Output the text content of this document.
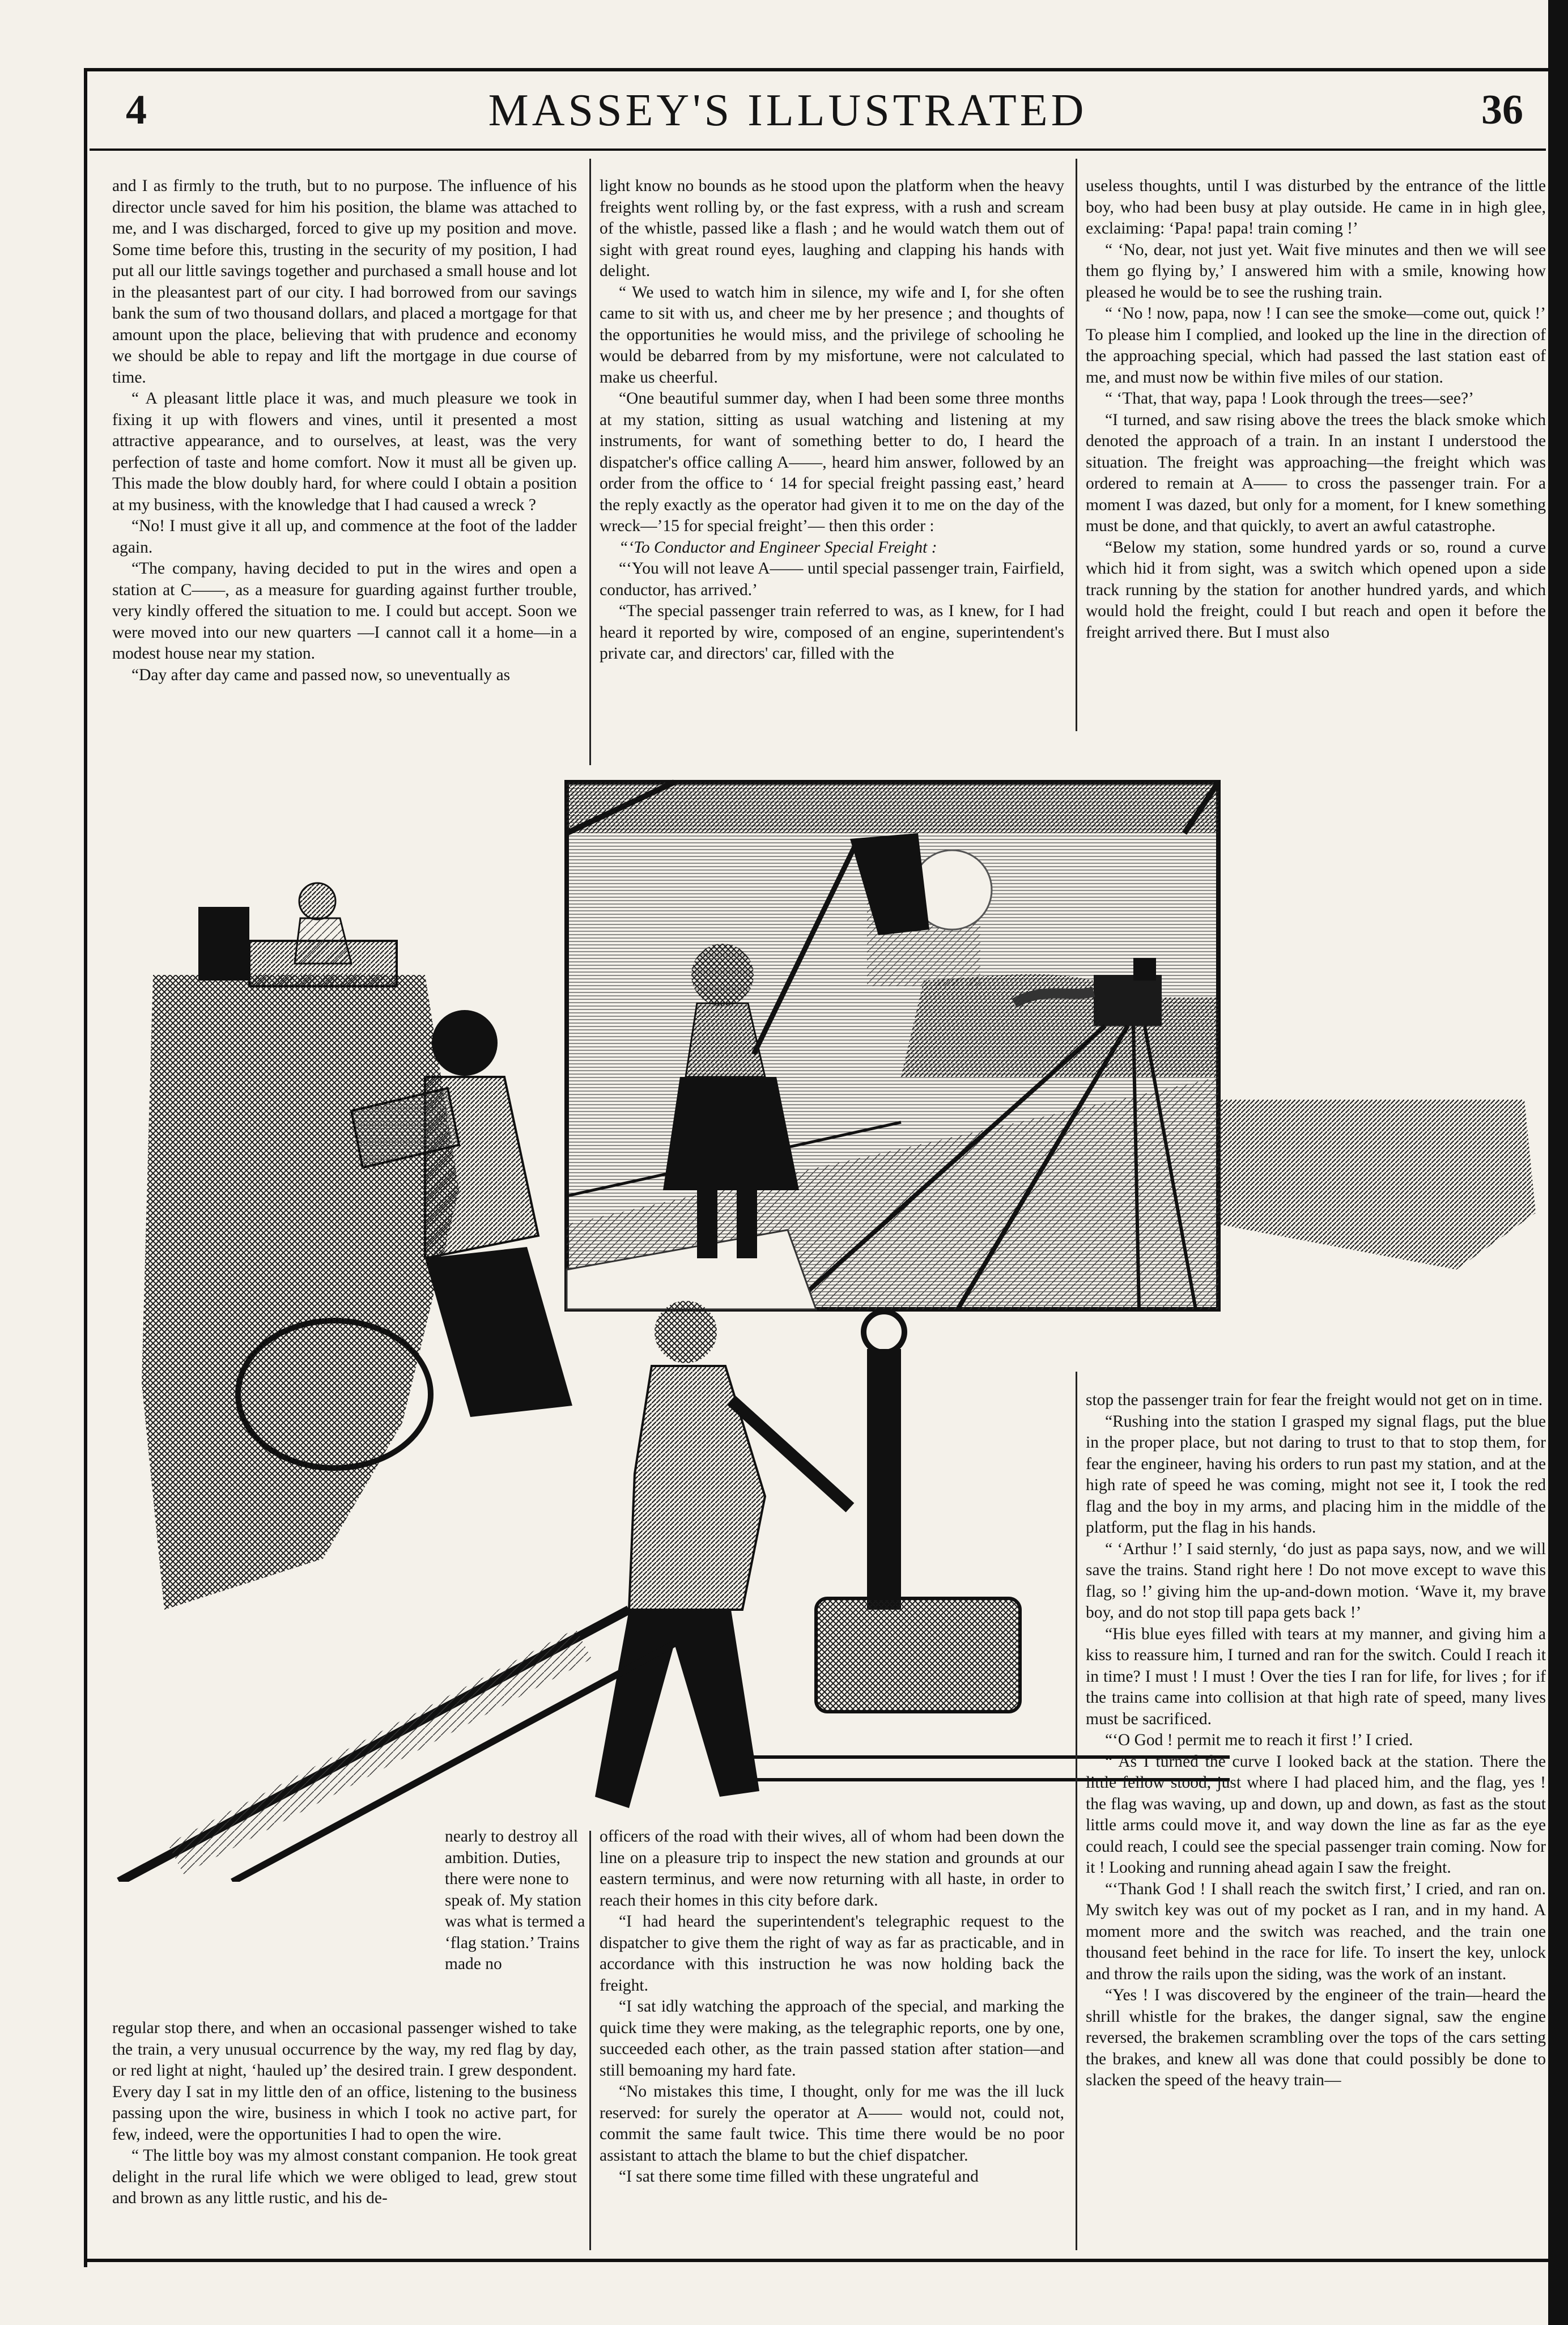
4	MASSEY'S ILLUSTRATED	36

and I as firmly to the truth, but to no purpose. The influence of his director uncle saved for him his position, the blame was attached to me, and I was discharged, forced to give up my position and move. Some time before this, trusting in the security of my position, I had put all our little savings together and purchased a small house and lot in the pleasantest part of our city. I had borrowed from our savings bank the sum of two thousand dollars, and placed a mortgage for that amount upon the place, believing that with prudence and economy we should be able to repay and lift the mortgage in due course of time.

“ A pleasant little place it was, and much pleasure we took in fixing it up with flowers and vines, until it presented a most attractive appearance, and to ourselves, at least, was the very perfection of taste and home comfort. Now it must all be given up. This made the blow doubly hard, for where could I obtain a position at my business, with the knowledge that I had caused a wreck ?

“No! I must give it all up, and commence at the foot of the ladder again.

“The company, having decided to put in the wires and open a station at C——, as a measure for guarding against further trouble, very kindly offered the situation to me. I could but accept. Soon we were moved into our new quarters —I cannot call it a home—in a modest house near my station.

“Day after day came and passed now, so uneventually as

light know no bounds as he stood upon the platform when the heavy freights went rolling by, or the fast express, with a rush and scream of the whistle, passed like a flash ; and he would watch them out of sight with great round eyes, laughing and clapping his hands with delight.

“ We used to watch him in silence, my wife and I, for she often came to sit with us, and cheer me by her presence ; and thoughts of the opportunities he would miss, and the privilege of schooling he would be debarred from by my misfortune, were not calculated to make us cheerful.

“One beautiful summer day, when I had been some three months at my station, sitting as usual watching and listening at my instruments, for want of something better to do, I heard the dispatcher's office calling A——, heard him answer, followed by an order from the office to ‘ 14 for special freight passing east,’ heard the reply exactly as the operator had given it to me on the day of the wreck—’15 for special freight’— then this order :

“‘To Conductor and Engineer Special Freight :

“‘You will not leave A—— until special passenger train, Fairfield, conductor, has arrived.’

“The special passenger train referred to was, as I knew, for I had heard it reported by wire, composed of an engine, superintendent's private car, and directors' car, filled with the

useless thoughts, until I was disturbed by the entrance of the little boy, who had been busy at play outside. He came in in high glee, exclaiming: ‘Papa! papa! train coming !’

“ ‘No, dear, not just yet. Wait five minutes and then we will see them go flying by,’ I answered him with a smile, knowing how pleased he would be to see the rushing train.

“ ‘No ! now, papa, now ! I can see the smoke—come out, quick !’ To please him I complied, and looked up the line in the direction of the approaching special, which had passed the last station east of me, and must now be within five miles of our station.

“ ‘That, that way, papa ! Look through the trees—see?’

“I turned, and saw rising above the trees the black smoke which denoted the approach of a train. In an instant I understood the situation. The freight was approaching—the freight which was ordered to remain at A—— to cross the passenger train. For a moment I was dazed, but only for a moment, for I knew something must be done, and that quickly, to avert an awful catastrophe.

“Below my station, some hundred yards or so, round a curve which hid it from sight, was a switch which opened upon a side track running by the station for another hundred yards, and which would hold the freight, could I but reach and open it before the freight arrived there. But I must also

nearly to destroy all ambition. Duties, there were none to speak of. My station was what is termed a ‘flag station.’ Trains made no

regular stop there, and when an occasional passenger wished to take the train, a very unusual occurrence by the way, my red flag by day, or red light at night, ‘hauled up’ the desired train. I grew despondent. Every day I sat in my little den of an office, listening to the business passing upon the wire, business in which I took no active part, for few, indeed, were the opportunities I had to open the wire.

“ The little boy was my almost constant companion. He took great delight in the rural life which we were obliged to lead, grew stout and brown as any little rustic, and his de-

officers of the road with their wives, all of whom had been down the line on a pleasure trip to inspect the new station and grounds at our eastern terminus, and were now returning with all haste, in order to reach their homes in this city before dark.

“I had heard the superintendent's telegraphic request to the dispatcher to give them the right of way as far as practicable, and in accordance with this instruction he was now holding back the freight.

“I sat idly watching the approach of the special, and marking the quick time they were making, as the telegraphic reports, one by one, succeeded each other, as the train passed station after station—and still bemoaning my hard fate.

“No mistakes this time, I thought, only for me was the ill luck reserved: for surely the operator at A—— would not, could not, commit the same fault twice. This time there would be no poor assistant to attach the blame to but the chief dispatcher.

“I sat there some time filled with these ungrateful and

stop the passenger train for fear the freight would not get on in time.

“Rushing into the station I grasped my signal flags, put the blue in the proper place, but not daring to trust to that to stop them, for fear the engineer, having his orders to run past my station, and at the high rate of speed he was coming, might not see it, I took the red flag and the boy in my arms, and placing him in the middle of the platform, put the flag in his hands.

“ ‘Arthur !’ I said sternly, ‘do just as papa says, now, and we will save the trains. Stand right here ! Do not move except to wave this flag, so !’ giving him the up-and-down motion. ‘Wave it, my brave boy, and do not stop till papa gets back !’

“His blue eyes filled with tears at my manner, and giving him a kiss to reassure him, I turned and ran for the switch. Could I reach it in time? I must ! I must ! Over the ties I ran for life, for lives ; for if the trains came into collision at that high rate of speed, many lives must be sacrificed.

“‘O God ! permit me to reach it first !’ I cried.

“ As I turned the curve I looked back at the station. There the little fellow stood, just where I had placed him, and the flag, yes ! the flag was waving, up and down, up and down, as fast as the stout little arms could move it, and way down the line as far as the eye could reach, I could see the special passenger train coming. Now for it ! Looking and running ahead again I saw the freight.

“‘Thank God ! I shall reach the switch first,’ I cried, and ran on. My switch key was out of my pocket as I ran, and in my hand. A moment more and the switch was reached, and the train one thousand feet behind in the race for life. To insert the key, unlock and throw the rails upon the siding, was the work of an instant.

“Yes ! I was discovered by the engineer of the train—heard the shrill whistle for the brakes, the danger signal, saw the engine reversed, the brakemen scrambling over the tops of the cars setting the brakes, and knew all was done that could possibly be done to slacken the speed of the heavy train—
